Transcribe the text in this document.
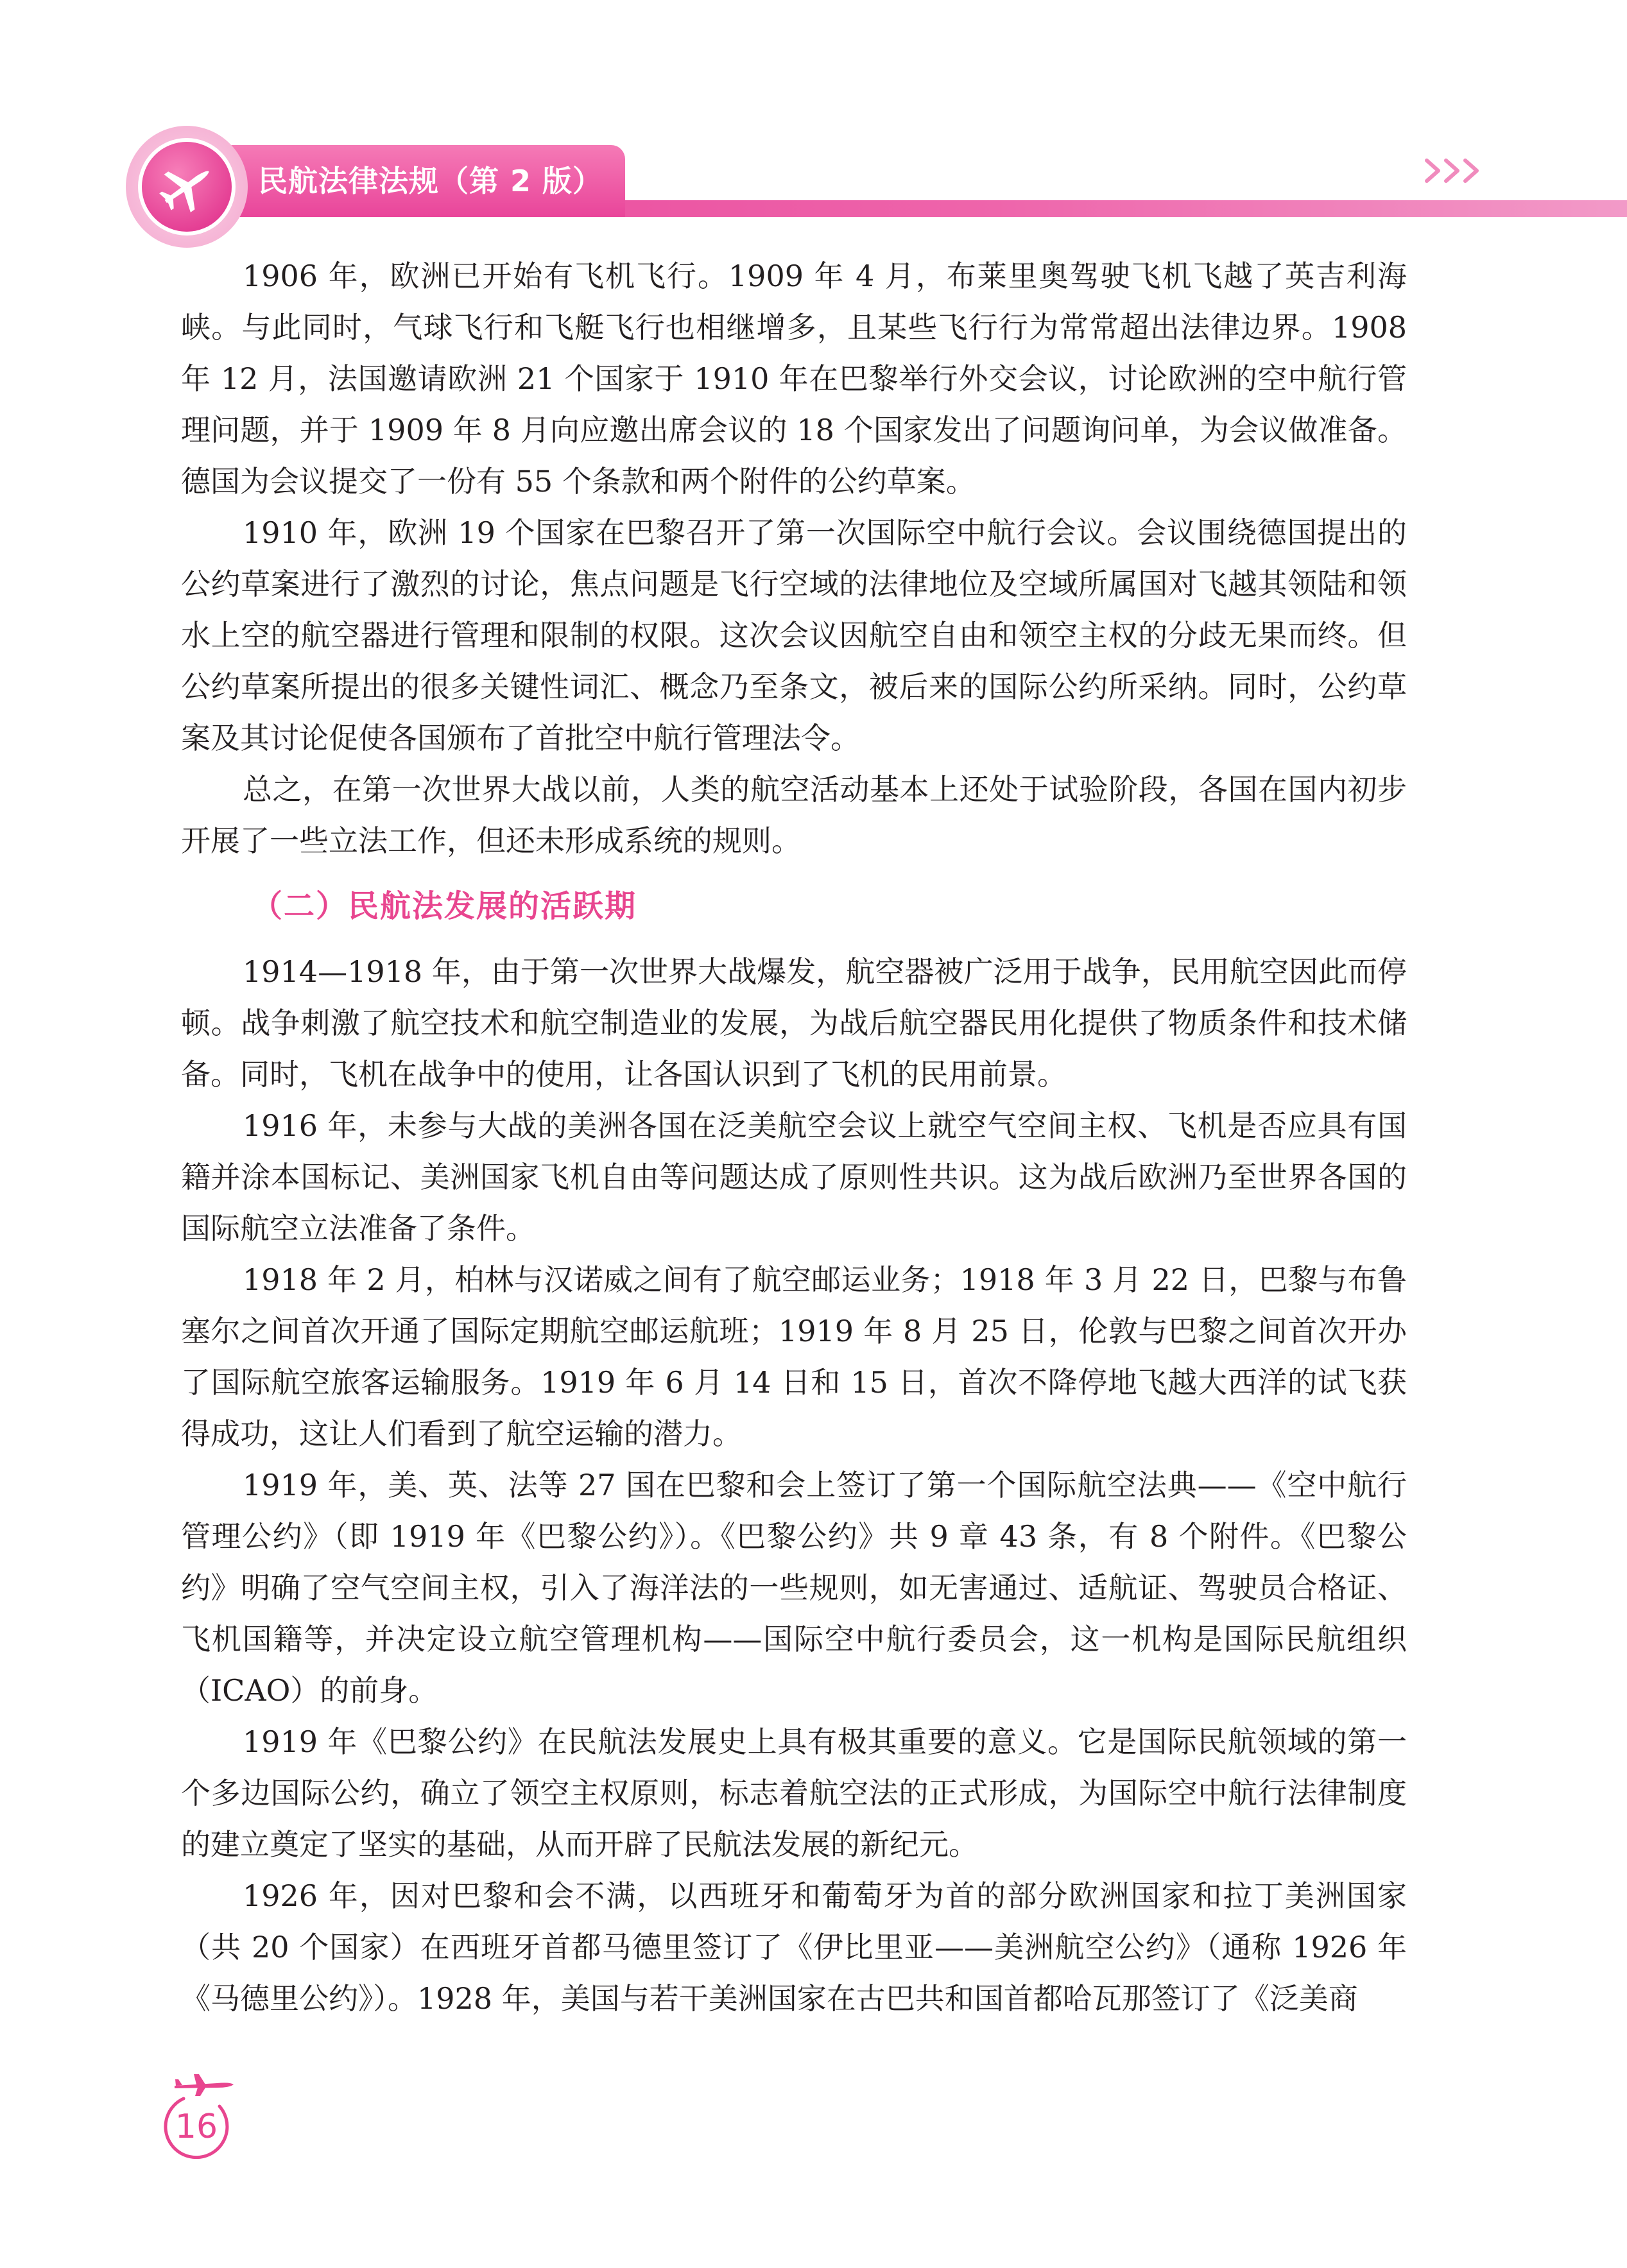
民航法律法规（第 2 版）

1906 年，欧洲已开始有飞机飞行。1909 年 4 月，布莱里奥驾驶飞机飞越了英吉利海峡。与此同时，气球飞行和飞艇飞行也相继增多，且某些飞行行为常常超出法律边界。1908 年 12 月，法国邀请欧洲 21 个国家于 1910 年在巴黎举行外交会议，讨论欧洲的空中航行管理问题，并于 1909 年 8 月向应邀出席会议的 18 个国家发出了问题询问单，为会议做准备。德国为会议提交了一份有 55 个条款和两个附件的公约草案。

1910 年，欧洲 19 个国家在巴黎召开了第一次国际空中航行会议。会议围绕德国提出的公约草案进行了激烈的讨论，焦点问题是飞行空域的法律地位及空域所属国对飞越其领陆和领水上空的航空器进行管理和限制的权限。这次会议因航空自由和领空主权的分歧无果而终。但公约草案所提出的很多关键性词汇、概念乃至条文，被后来的国际公约所采纳。同时，公约草案及其讨论促使各国颁布了首批空中航行管理法令。

总之，在第一次世界大战以前，人类的航空活动基本上还处于试验阶段，各国在国内初步开展了一些立法工作，但还未形成系统的规则。

（二）民航法发展的活跃期

1914—1918 年，由于第一次世界大战爆发，航空器被广泛用于战争，民用航空因此而停顿。战争刺激了航空技术和航空制造业的发展，为战后航空器民用化提供了物质条件和技术储备。同时，飞机在战争中的使用，让各国认识到了飞机的民用前景。

1916 年，未参与大战的美洲各国在泛美航空会议上就空气空间主权、飞机是否应具有国籍并涂本国标记、美洲国家飞机自由等问题达成了原则性共识。这为战后欧洲乃至世界各国的国际航空立法准备了条件。

1918 年 2 月，柏林与汉诺威之间有了航空邮运业务；1918 年 3 月 22 日，巴黎与布鲁塞尔之间首次开通了国际定期航空邮运航班；1919 年 8 月 25 日，伦敦与巴黎之间首次开办了国际航空旅客运输服务。1919 年 6 月 14 日和 15 日，首次不降停地飞越大西洋的试飞获得成功，这让人们看到了航空运输的潜力。

1919 年，美、英、法等 27 国在巴黎和会上签订了第一个国际航空法典——《空中航行管理公约》（即 1919 年《巴黎公约》）。《巴黎公约》共 9 章 43 条，有 8 个附件。《巴黎公约》明确了空气空间主权，引入了海洋法的一些规则，如无害通过、适航证、驾驶员合格证、飞机国籍等，并决定设立航空管理机构——国际空中航行委员会，这一机构是国际民航组织（ICAO）的前身。

1919 年《巴黎公约》在民航法发展史上具有极其重要的意义。它是国际民航领域的第一个多边国际公约，确立了领空主权原则，标志着航空法的正式形成，为国际空中航行法律制度的建立奠定了坚实的基础，从而开辟了民航法发展的新纪元。

1926 年，因对巴黎和会不满，以西班牙和葡萄牙为首的部分欧洲国家和拉丁美洲国家（共 20 个国家）在西班牙首都马德里签订了《伊比里亚——美洲航空公约》（通称 1926 年《马德里公约》）。1928 年，美国与若干美洲国家在古巴共和国首都哈瓦那签订了《泛美商

16
